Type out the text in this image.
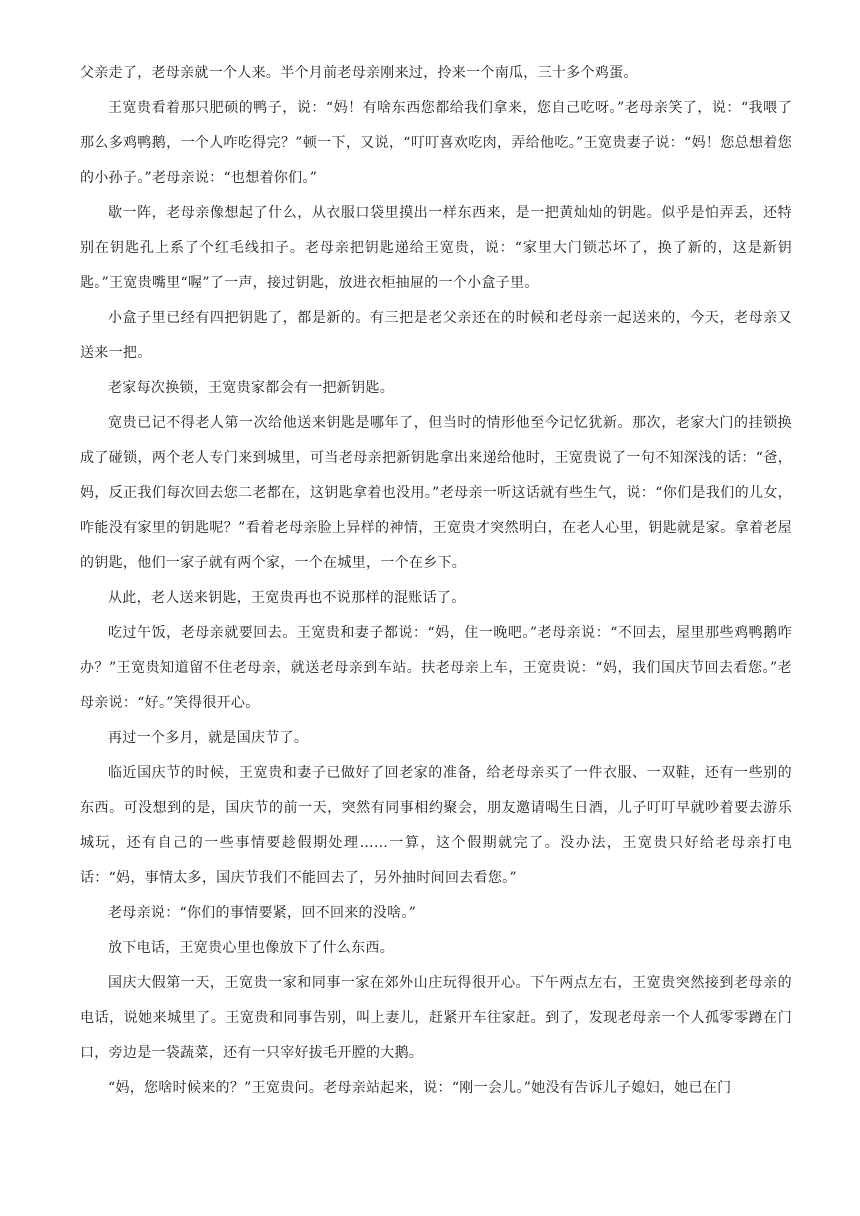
父亲走了，老母亲就一个人来。半个月前老母亲刚来过，拎来一个南瓜，三十多个鸡蛋。

王宽贵看着那只肥硕的鸭子，说：“妈！有啥东西您都给我们拿来，您自己吃呀。”老母亲笑了，说：“我喂了那么多鸡鸭鹅，一个人咋吃得完？”顿一下，又说，“叮叮喜欢吃肉，弄给他吃。”王宽贵妻子说：“妈！您总想着您的小孙子。”老母亲说：“也想着你们。”

歇一阵，老母亲像想起了什么，从衣服口袋里摸出一样东西来，是一把黄灿灿的钥匙。似乎是怕弄丢，还特别在钥匙孔上系了个红毛线扣子。老母亲把钥匙递给王宽贵，说：“家里大门锁芯坏了，换了新的，这是新钥匙。”王宽贵嘴里“喔”了一声，接过钥匙，放进衣柜抽屉的一个小盒子里。

小盒子里已经有四把钥匙了，都是新的。有三把是老父亲还在的时候和老母亲一起送来的，今天，老母亲又送来一把。

老家每次换锁，王宽贵家都会有一把新钥匙。

宽贵已记不得老人第一次给他送来钥匙是哪年了，但当时的情形他至今记忆犹新。那次，老家大门的挂锁换成了碰锁，两个老人专门来到城里，可当老母亲把新钥匙拿出来递给他时，王宽贵说了一句不知深浅的话：“爸，妈，反正我们每次回去您二老都在，这钥匙拿着也没用。”老母亲一听这话就有些生气，说：“你们是我们的儿女，咋能没有家里的钥匙呢？”看着老母亲脸上异样的神情，王宽贵才突然明白，在老人心里，钥匙就是家。拿着老屋的钥匙，他们一家子就有两个家，一个在城里，一个在乡下。

从此，老人送来钥匙，王宽贵再也不说那样的混账话了。

吃过午饭，老母亲就要回去。王宽贵和妻子都说：“妈，住一晚吧。”老母亲说：“不回去，屋里那些鸡鸭鹅咋办？”王宽贵知道留不住老母亲，就送老母亲到车站。扶老母亲上车，王宽贵说：“妈，我们国庆节回去看您。”老母亲说：“好。”笑得很开心。

再过一个多月，就是国庆节了。

临近国庆节的时候，王宽贵和妻子已做好了回老家的准备，给老母亲买了一件衣服、一双鞋，还有一些别的东西。可没想到的是，国庆节的前一天，突然有同事相约聚会，朋友邀请喝生日酒，儿子叮叮早就吵着要去游乐城玩，还有自己的一些事情要趁假期处理……一算，这个假期就完了。没办法，王宽贵只好给老母亲打电话：“妈，事情太多，国庆节我们不能回去了，另外抽时间回去看您。”

老母亲说：“你们的事情要紧，回不回来的没啥。”

放下电话，王宽贵心里也像放下了什么东西。

国庆大假第一天，王宽贵一家和同事一家在郊外山庄玩得很开心。下午两点左右，王宽贵突然接到老母亲的电话，说她来城里了。王宽贵和同事告别，叫上妻儿，赶紧开车往家赶。到了，发现老母亲一个人孤零零蹲在门口，旁边是一袋蔬菜，还有一只宰好拔毛开膛的大鹅。

“妈，您啥时候来的？”王宽贵问。老母亲站起来，说：“刚一会儿。”她没有告诉儿子媳妇，她已在门
